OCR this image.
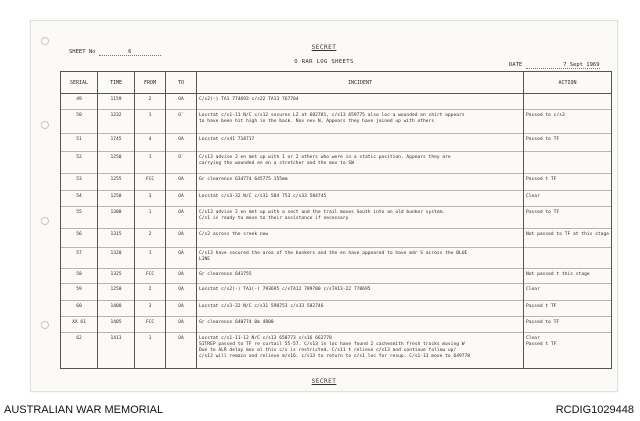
SECRET
SHEET No	6
O RAR LOG SHEETS	DATE	7 Sept 1969
SERIAL	TIME	FROM	TO	INCIDENT	ACTION
49	1159	2	OA	C/s2(-) TA1 774693 c/s22 TA13 767704	

50	1232	1	O´	Locstat c/s1-11 N/C c/s12 secures LZ at 682781, c/s13 659775 also loc a wounded en shirt appears
to have been hit high in the back. Nov nev N, Appears they have joined up with others	Passed to c/s3

51	1745	4	OA	Locstat c/s41 718717	Passed to TF

52	1250	1	O´	C/s13 advise 2 en met up with 1 or 2 others who were in a static position. Appears they are
carrying the wounded en on a stretcher and the mov to SW	

53	1255	FCC	OA	Gr clearence 634774 645775 155mm	Passed t TF

54	1258	3	OA	Locstat c/s3-32 N/C c/s31 584 753 c/s33 584745	Clear

55	1300	1	OA	C/s13 advise 2 en met up with a sect and the trail moves South into an old bunker system.
C/s1 is ready to move to their assistance if necessary	Passed to TF

56	1315	2	OA	C/s2 across the creek now	Not passed to TF at this stage

57	1320	1	OA	C/s13 have secured the area of the bunkers and the en have appeared to have mdr S across the BLUE
LINE	

58	1325	FCC	OA	Gr clearence 641755	Not passed t this stage

59	1250	2	OA	Locstat c/s2(-) TA1(-) 793695 c/sTA12 789700 c/sTA13-22 778695	Clear

60	1400	3	OA	Locstat c/s3-32 N/C c/s31 590753 c/s33 582746	Passed t TF

XX 61	1405	FCC	OA	Gr clearence 640774 0m 4800	Passed to TF

62	1413	1	OA	Locstat c/s1-11-12 N/C c/s13 658773 c/s16 662778
SITREP passed to TF re curtail 55-57. C/s13 in loc have found 2 cachesmith fresh tracks moving W
Due to ALR delay mov al this c/s is restricted. C/s11 t relieve c/s13 and continue follow up/
c/s12 will remain and relieve m/s16. c/s13 to return to c/s1 loc for resup. C/s1-13 move to 649778	Clear
Passed t TF
SECRET
AUSTRALIAN WAR MEMORIAL	RCDIG1029448
